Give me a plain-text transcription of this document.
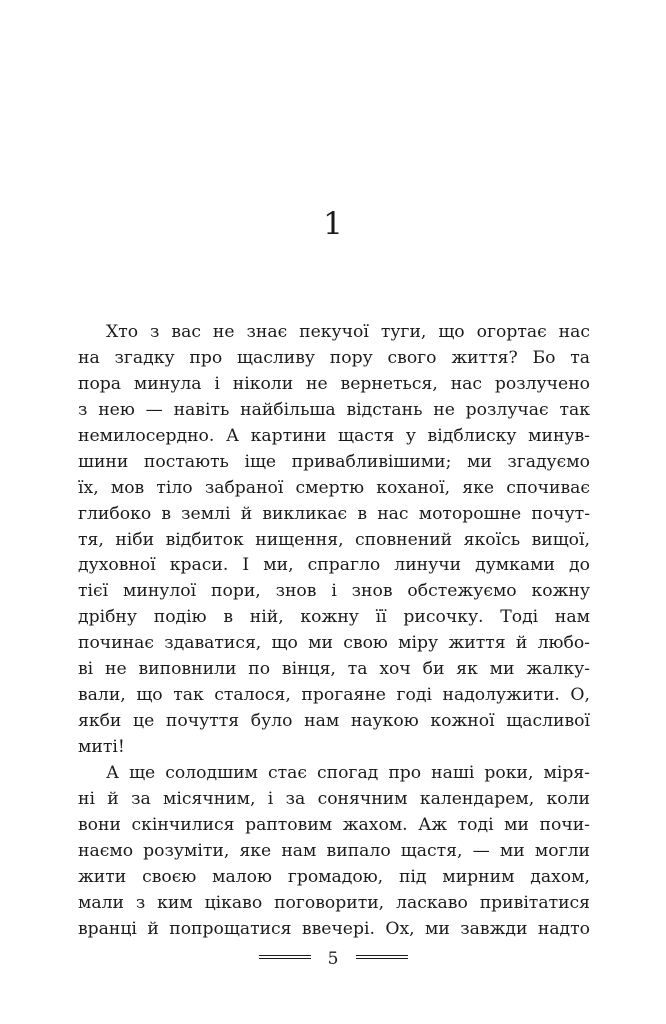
1
Хто з вас не знає пекучої туги, що огортає нас
на згадку про щасливу пору свого життя? Бо та
пора минула і ніколи не вернеться, нас розлучено
з нею — навіть найбільша відстань не розлучає так
немилосердно. А картини щастя у відблиску минув-
шини постають іще привабливішими; ми згадуємо
їх, мов тіло забраної смертю коханої, яке спочиває
глибоко в землі й викликає в нас моторошне почут-
тя, ніби відбиток нищення, сповнений якоїсь вищої,
духовної краси. І ми, спрагло линучи думками до
тієї минулої пори, знов і знов обстежуємо кожну
дрібну подію в ній, кожну її рисочку. Тоді нам
починає здаватися, що ми свою міру життя й любо-
ві не виповнили по вінця, та хоч би як ми жалку-
вали, що так сталося, прогаяне годі надолужити. О,
якби це почуття було нам наукою кожної щасливої
миті!
А ще солодшим стає спогад про наші роки, міря-
ні й за місячним, і за сонячним календарем, коли
вони скінчилися раптовим жахом. Аж тоді ми почи-
наємо розуміти, яке нам випало щастя, — ми могли
жити своєю малою громадою, під мирним дахом,
мали з ким цікаво поговорити, ласкаво привітатися
вранці й попрощатися ввечері. Ох, ми завжди надто
5
